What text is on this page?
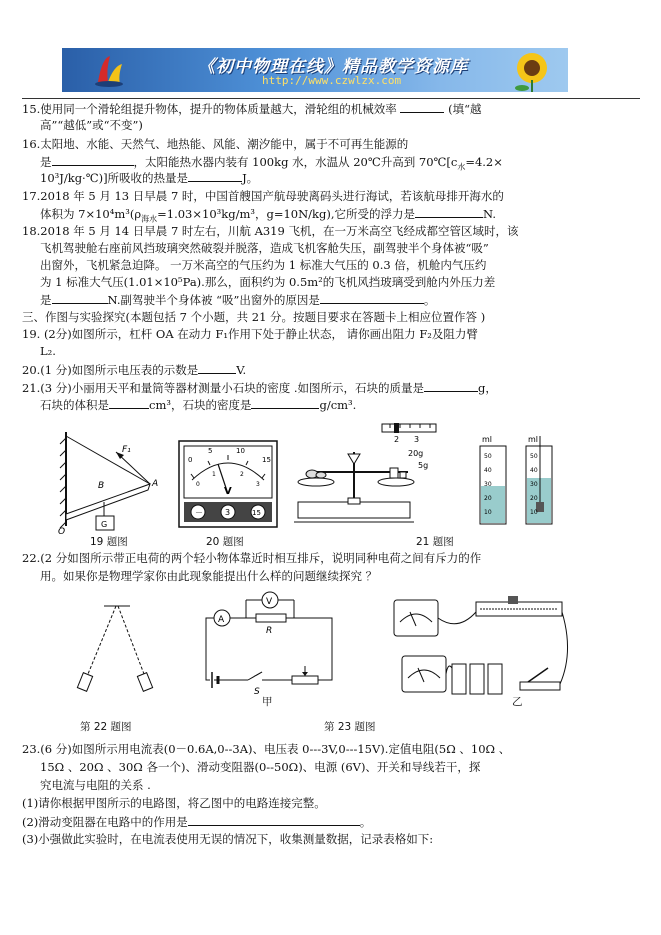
《初中物理在线》精品教学资源库
http://www.czwlzx.com
15.使用同一个滑轮组提升物体，提升的物体质量越大，滑轮组的机械效率	(填“越
高”“越低”或“不变”)
16.太阳地、水能、天然气、地热能、风能、潮汐能中，属于不可再生能源的
是	，太阳能热水器内装有 100kg 水，水温从 20℃升高到 $70℃[c_水=4.2\times$
10³J/kg·℃)]所吸收的热量是	J。
17.2018 年 5 月 13 日早晨 7 时，中国首艘国产航母驶离码头进行海试，若该航母排开海水的
体积为 $7\times 10^4m^3(\rho_{海水}=1.03\times 10^3kg/m^3$，g=10N/kg),它所受的浮力是	N.
18.2018 年 5 月 14 日早晨 7 时左右，川航 A319 飞机，在一万米高空飞经成都空管区域时，该
飞机驾驶舱右座前风挡玻璃突然破裂并脱落，造成飞机客舱失压，副驾驶半个身体被“吸”
出窗外，飞机紧急迫降。 一万米高空的气压约为 1 标准大气压的 0.3 倍，机舱内气压约
为 1 标准大气压(1.01×10⁵Pa).那么，面积约为 0.5m²的飞机风挡玻璃受到舱内外压力差
是	N.副驾驶半个身体被 “吸”出窗外的原因是	。
三、作图与实验探究(本题包括 7 个小题，共 21 分。按题目要求在答题卡上相应位置作答 )
19. (2分)如图所示，杠杆 OA 在动力 F₁作用下处于静止状态， 请你画出阻力 F₂及阻力臂
L₂.
20.(1 分)如图所示电压表的示数是	V.
21.(3 分)小丽用天平和量筒等器材测量小石块的密度 .如图所示，石块的质量是	g，
石块的体积是	cm³，石块的密度是	g/cm³.
F₁
B	A
O
G
19 题图
0
5	10
15
0
1	2
3
V
－	3	15
20 题图
2 3
20g
5g
ml	ml
50
40
30
20
10
50
40
30
20
10
21 题图
22.(2 分如图所示带正电荷的两个轻小物体靠近时相互排斥，说明同种电荷之间有斥力的作
用。如果你是物理学家你由此现象能提出什么样的问题继续探究 ？
第 22 题图
V
A
R
S
甲	乙
第 23 题图
23.(6 分)如图所示用电流表(0－0.6A,0--3A)、电压表 0---3V,0---15V).定值电阻(5Ω 、10Ω 、
15Ω 、20Ω 、30Ω 各一个)、滑动变阻器(0--50Ω)、电源 (6V)、开关和导线若干，探
究电流与电阻的关系 .
(1)请你根据甲图所示的电路图，将乙图中的电路连接完整。
(2)滑动变阻器在电路中的作用是	。
(3)小强做此实验时，在电流表使用无误的情况下，收集测量数据，记录表格如下:
